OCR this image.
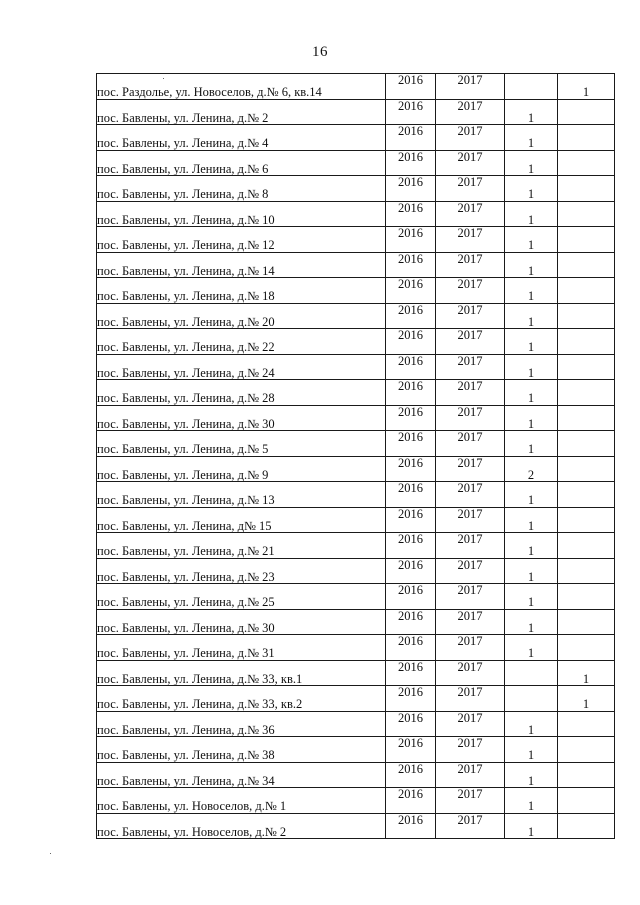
16
пос. Раздолье, ул. Новоселов, д.№ 6, кв.14	2016	2017		1
пос. Бавлены, ул. Ленина, д.№ 2	2016	2017	1	
пос. Бавлены, ул. Ленина, д.№ 4	2016	2017	1	
пос. Бавлены, ул. Ленина, д.№ 6	2016	2017	1	
пос. Бавлены, ул. Ленина, д.№ 8	2016	2017	1	
пос. Бавлены, ул. Ленина, д.№ 10	2016	2017	1	
пос. Бавлены, ул. Ленина, д.№ 12	2016	2017	1	
пос. Бавлены, ул. Ленина, д.№ 14	2016	2017	1	
пос. Бавлены, ул. Ленина, д.№ 18	2016	2017	1	
пос. Бавлены, ул. Ленина, д.№ 20	2016	2017	1	
пос. Бавлены, ул. Ленина, д.№ 22	2016	2017	1	
пос. Бавлены, ул. Ленина, д.№ 24	2016	2017	1	
пос. Бавлены, ул. Ленина, д.№ 28	2016	2017	1	
пос. Бавлены, ул. Ленина, д.№ 30	2016	2017	1	
пос. Бавлены, ул. Ленина, д.№ 5	2016	2017	1	
пос. Бавлены, ул. Ленина, д.№ 9	2016	2017	2	
пос. Бавлены, ул. Ленина, д.№ 13	2016	2017	1	
пос. Бавлены, ул. Ленина, д№ 15	2016	2017	1	
пос. Бавлены, ул. Ленина, д.№ 21	2016	2017	1	
пос. Бавлены, ул. Ленина, д.№ 23	2016	2017	1	
пос. Бавлены, ул. Ленина, д.№ 25	2016	2017	1	
пос. Бавлены, ул. Ленина, д.№ 30	2016	2017	1	
пос. Бавлены, ул. Ленина, д.№ 31	2016	2017	1	
пос. Бавлены, ул. Ленина, д.№ 33, кв.1	2016	2017		1
пос. Бавлены, ул. Ленина, д.№ 33, кв.2	2016	2017		1
пос. Бавлены, ул. Ленина, д.№ 36	2016	2017	1	
пос. Бавлены, ул. Ленина, д.№ 38	2016	2017	1	
пос. Бавлены, ул. Ленина, д.№ 34	2016	2017	1	
пос. Бавлены, ул. Новоселов, д.№ 1	2016	2017	1	
пос. Бавлены, ул. Новоселов, д.№ 2	2016	2017	1	
